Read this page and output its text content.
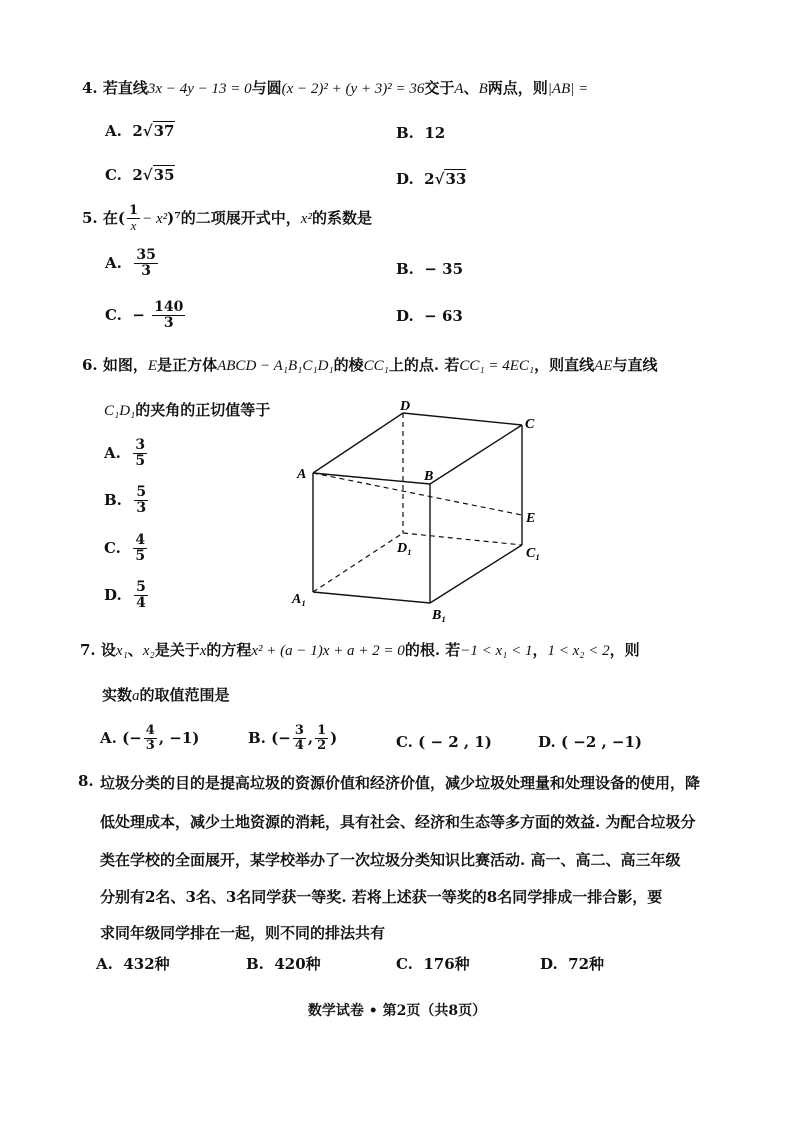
4. 若直线3x − 4y − 13 = 0与圆(x − 2)² + (y + 3)² = 36交于A、B两点，则|AB| =
A. 2√37	B. 12
C. 2√35	D. 2√33
5. 在( $\frac{1}{x} - x^2)^7$的二项展开式中，x²的系数是
A. $\frac{35}{3}$	B. − 35
C. − $\frac{140}{3}$	D. − 63
6. 如图，E是正方体ABCD − A₁B₁C₁D₁的棱CC₁上的点. 若CC₁ = 4EC₁，则直线AE与直线
C₁D₁的夹角的正切值等于
A. $\frac{3}{5}$
B. $\frac{5}{3}$
C. $\frac{4}{5}$
D. $\frac{5}{4}$
D
C
A	B
E
D₁	C₁
A₁
B₁
7. 设x₁、x₂是关于x的方程x² + (a − 1)x + a + 2 = 0的根. 若−1 < x₁ < 1，1 < x₂ < 2，则
实数a的取值范围是
A. (− $\frac{4}{3}$ , −1)	B. (− $\frac{3}{4}$ , $\frac{1}{2}$ )	C. ( − 2 , 1)	D. ( −2 , −1)
8. 垃圾分类的目的是提高垃圾的资源价值和经济价值，减少垃圾处理量和处理设备的使用，降
低处理成本，减少土地资源的消耗，具有社会、经济和生态等多方面的效益. 为配合垃圾分
类在学校的全面展开，某学校举办了一次垃圾分类知识比赛活动. 高一、高二、高三年级
分别有2名、3名、3名同学获一等奖. 若将上述获一等奖的8名同学排成一排合影，要
求同年级同学排在一起，则不同的排法共有
A. 432种	B. 420种	C. 176种	D. 72种
数学试卷 • 第2页（共8页）
